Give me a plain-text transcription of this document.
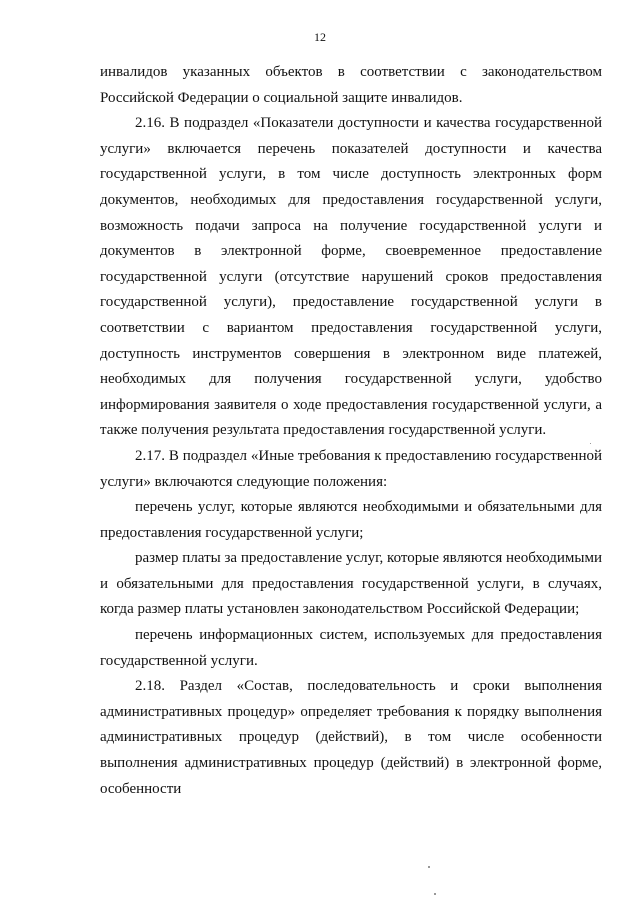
12

инвалидов указанных объектов в соответствии с законодательством Российской Федерации о социальной защите инвалидов.

2.16. В подраздел «Показатели доступности и качества государственной услуги» включается перечень показателей доступности и качества государственной услуги, в том числе доступность электронных форм документов, необходимых для предоставления государственной услуги, возможность подачи запроса на получение государственной услуги и документов в электронной форме, своевременное предоставление государственной услуги (отсутствие нарушений сроков предоставления государственной услуги), предоставление государственной услуги в соответствии с вариантом предоставления государственной услуги, доступность инструментов совершения в электронном виде платежей, необходимых для получения государственной услуги, удобство информирования заявителя о ходе предоставления государственной услуги, а также получения результата предоставления государственной услуги.

2.17. В подраздел «Иные требования к предоставлению государственной услуги» включаются следующие положения:

перечень услуг, которые являются необходимыми и обязательными для предоставления государственной услуги;

размер платы за предоставление услуг, которые являются необходимыми и обязательными для предоставления государственной услуги, в случаях, когда размер платы установлен законодательством Российской Федерации;

перечень информационных систем, используемых для предоставления государственной услуги.

2.18. Раздел «Состав, последовательность и сроки выполнения административных процедур» определяет требования к порядку выполнения административных процедур (действий), в том числе особенности выполнения административных процедур (действий) в электронной форме, особенности
